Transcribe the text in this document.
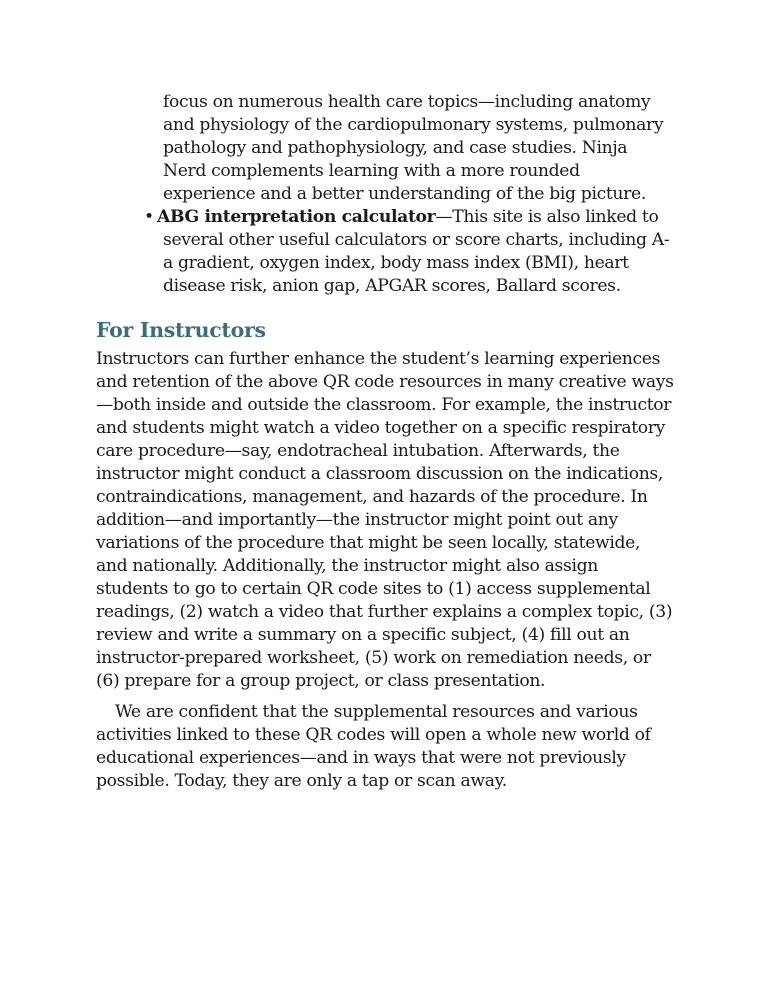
focus on numerous health care topics—including anatomy
and physiology of the cardiopulmonary systems, pulmonary
pathology and pathophysiology, and case studies. Ninja
Nerd complements learning with a more rounded
experience and a better understanding of the big picture.
• ABG interpretation calculator—This site is also linked to
several other useful calculators or score charts, including A-
a gradient, oxygen index, body mass index (BMI), heart
disease risk, anion gap, APGAR scores, Ballard scores.
For Instructors
Instructors can further enhance the student’s learning experiences
and retention of the above QR code resources in many creative ways
—both inside and outside the classroom. For example, the instructor
and students might watch a video together on a specific respiratory
care procedure—say, endotracheal intubation. Afterwards, the
instructor might conduct a classroom discussion on the indications,
contraindications, management, and hazards of the procedure. In
addition—and importantly—the instructor might point out any
variations of the procedure that might be seen locally, statewide,
and nationally. Additionally, the instructor might also assign
students to go to certain QR code sites to (1) access supplemental
readings, (2) watch a video that further explains a complex topic, (3)
review and write a summary on a specific subject, (4) fill out an
instructor-prepared worksheet, (5) work on remediation needs, or
(6) prepare for a group project, or class presentation.
We are confident that the supplemental resources and various
activities linked to these QR codes will open a whole new world of
educational experiences—and in ways that were not previously
possible. Today, they are only a tap or scan away.
